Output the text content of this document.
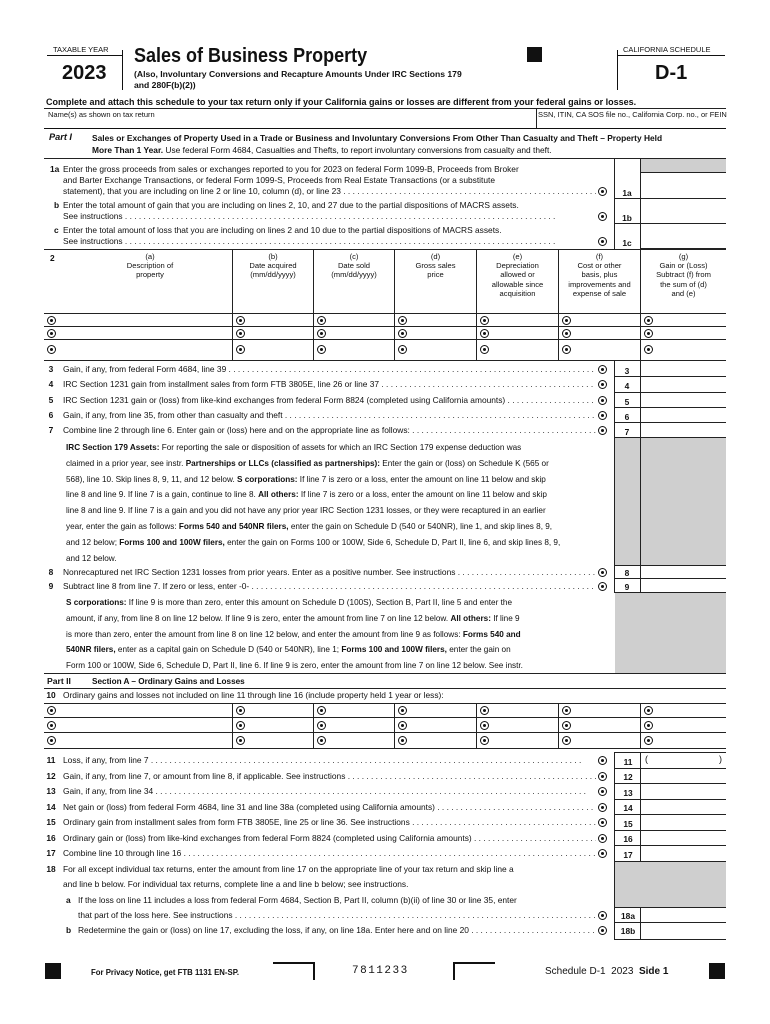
TAXABLE YEAR
2023
Sales of Business Property
(Also, Involuntary Conversions and Recapture Amounts Under IRC Sections 179
and 280F(b)(2))
CALIFORNIA SCHEDULE
D-1
Complete and attach this schedule to your tax return only if your California gains or losses are different from your federal gains or losses.
Name(s) as shown on tax return	SSN, ITIN, CA SOS file no., California Corp. no., or FEIN
Part I Sales or Exchanges of Property Used in a Trade or Business and Involuntary Conversions From Other Than Casualty and Theft – Property Held
More Than 1 Year. Use federal Form 4684, Casualties and Thefts, to report involuntary conversions from casualty and theft.
1a Enter the gross proceeds from sales or exchanges reported to you for 2023 on federal Form 1099-B, Proceeds from Broker
and Barter Exchange Transactions, or federal Form 1099-S, Proceeds from Real Estate Transactions (or a substitute
statement), that you are including on line 2 or line 10, column (d), or line 23 . . .	1a
b Enter the total amount of gain that you are including on lines 2, 10, and 27 due to the partial dispositions of MACRS assets.
See instructions . . .	1b
c Enter the total amount of loss that you are including on lines 2 and 10 due to the partial dispositions of MACRS assets.
See instructions . . .	1c
2	(a)
Description of
property
(b)
Date acquired
(mm/dd/yyyy)
(c)
Date sold
(mm/dd/yyyy)
(d)
Gross sales
price
(e)
Depreciation
allowed or
allowable since
acquisition
(f)
Cost or other
basis, plus
improvements and
expense of sale
(g)
Gain or (Loss)
Subtract (f) from
the sum of (d)
and (e)
3	Gain, if any, from federal Form 4684, line 39 . . .	3
4	IRC Section 1231 gain from installment sales from form FTB 3805E, line 26 or line 37 . . .	4
5	IRC Section 1231 gain or (loss) from like-kind exchanges from federal Form 8824 (completed using California amounts) . . .	5
6	Gain, if any, from line 35, from other than casualty and theft . . .	6
7	Combine line 2 through line 6. Enter gain or (loss) here and on the appropriate line as follows: . . .	7
IRC Section 179 Assets: For reporting the sale or disposition of assets for which an IRC Section 179 expense deduction was
claimed in a prior year, see instr. Partnerships or LLCs (classified as partnerships): Enter the gain or (loss) on Schedule K (565 or
568), line 10. Skip lines 8, 9, 11, and 12 below. S corporations: If line 7 is zero or a loss, enter the amount on line 11 below and skip
line 8 and line 9. If line 7 is a gain, continue to line 8. All others: If line 7 is zero or a loss, enter the amount on line 11 below and skip
line 8 and line 9. If line 7 is a gain and you did not have any prior year IRC Section 1231 losses, or they were recaptured in an earlier
year, enter the gain as follows: Forms 540 and 540NR filers, enter the gain on Schedule D (540 or 540NR), line 1, and skip lines 8, 9,
and 12 below; Forms 100 and 100W filers, enter the gain on Forms 100 or 100W, Side 6, Schedule D, Part II, line 6, and skip lines 8, 9,
and 12 below.
8	Nonrecaptured net IRC Section 1231 losses from prior years. Enter as a positive number. See instructions . . .	8
9	Subtract line 8 from line 7. If zero or less, enter -0- . . .	9
S corporations: If line 9 is more than zero, enter this amount on Schedule D (100S), Section B, Part II, line 5 and enter the
amount, if any, from line 8 on line 12 below. If line 9 is zero, enter the amount from line 7 on line 12 below. All others: If line 9
is more than zero, enter the amount from line 8 on line 12 below, and enter the amount from line 9 as follows: Forms 540 and
540NR filers, enter as a capital gain on Schedule D (540 or 540NR), line 1; Forms 100 and 100W filers, enter the gain on
Form 100 or 100W, Side 6, Schedule D, Part II, line 6. If line 9 is zero, enter the amount from line 7 on line 12 below. See instr.
Part II	Section A – Ordinary Gains and Losses
10 Ordinary gains and losses not included on line 11 through line 16 (include property held 1 year or less):
11 Loss, if any, from line 7 . . .	11	(	)
12 Gain, if any, from line 7, or amount from line 8, if applicable. See instructions . . .	12
13 Gain, if any, from line 34 . . .	13
14 Net gain or (loss) from federal Form 4684, line 31 and line 38a (completed using California amounts) . . .	14
15 Ordinary gain from installment sales from form FTB 3805E, line 25 or line 36. See instructions . . .	15
16 Ordinary gain or (loss) from like-kind exchanges from federal Form 8824 (completed using California amounts) . . .	16
17 Combine line 10 through line 16 . . .	17
18 For all except individual tax returns, enter the amount from line 17 on the appropriate line of your tax return and skip line a
and line b below. For individual tax returns, complete line a and line b below; see instructions.
a If the loss on line 11 includes a loss from federal Form 4684, Section B, Part II, column (b)(ii) of line 30 or line 35, enter
that part of the loss here. See instructions . . .	18a
b Redetermine the gain or (loss) on line 17, excluding the loss, if any, on line 18a. Enter here and on line 20 . . .	18b
For Privacy Notice, get FTB 1131 EN-SP.	7811233	Schedule D-1  2023 Side 1
